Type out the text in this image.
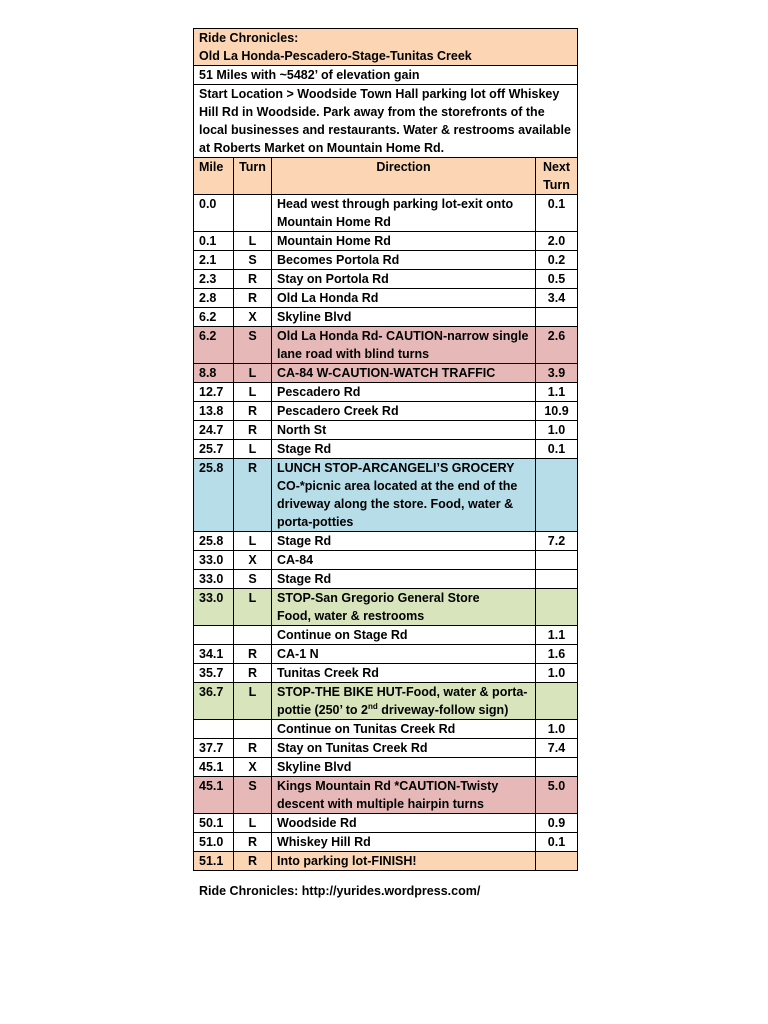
Ride Chronicles:
Old La Honda-Pescadero-Stage-Tunitas Creek			

51 Miles with ~5482’ of elevation gain			
Start Location > Woodside Town Hall parking lot off Whiskey Hill Rd in Woodside. Park away from the storefronts of the local businesses and restaurants. Water & restrooms available at Roberts Market on Mountain Home Rd.			
Mile	Turn	Direction	Next Turn
0.0		Head west through parking lot-exit onto Mountain Home Rd	0.1
0.1	L	Mountain Home Rd	2.0
2.1	S	Becomes Portola Rd	0.2
2.3	R	Stay on Portola Rd	0.5
2.8	R	Old La Honda Rd	3.4
6.2	X	Skyline Blvd	
6.2	S	Old La Honda Rd- CAUTION-narrow single lane road with blind turns	2.6
8.8	L	CA-84 W-CAUTION-WATCH TRAFFIC	3.9
12.7	L	Pescadero Rd	1.1
13.8	R	Pescadero Creek Rd	10.9
24.7	R	North St	1.0
25.7	L	Stage Rd	0.1
25.8	R	LUNCH STOP-ARCANGELI’S GROCERY CO-*picnic area located at the end of the driveway along the store. Food, water & porta-potties	
25.8	L	Stage Rd	7.2
33.0	X	CA-84	
33.0	S	Stage Rd	
33.0	L	STOP-San Gregorio General Store
Food, water & restrooms	
		Continue on Stage Rd	1.1
34.1	R	CA-1 N	1.6
35.7	R	Tunitas Creek Rd	1.0
36.7	L	STOP-THE BIKE HUT-Food, water & porta-pottie (250’ to 2nd driveway-follow sign)	
		Continue on Tunitas Creek Rd	1.0
37.7	R	Stay on Tunitas Creek Rd	7.4
45.1	X	Skyline Blvd	
45.1	S	Kings Mountain Rd *CAUTION-Twisty descent with multiple hairpin turns	5.0
50.1	L	Woodside Rd	0.9
51.0	R	Whiskey Hill Rd	0.1
51.1	R	Into parking lot-FINISH!	
Ride Chronicles: http://yurides.wordpress.com/
